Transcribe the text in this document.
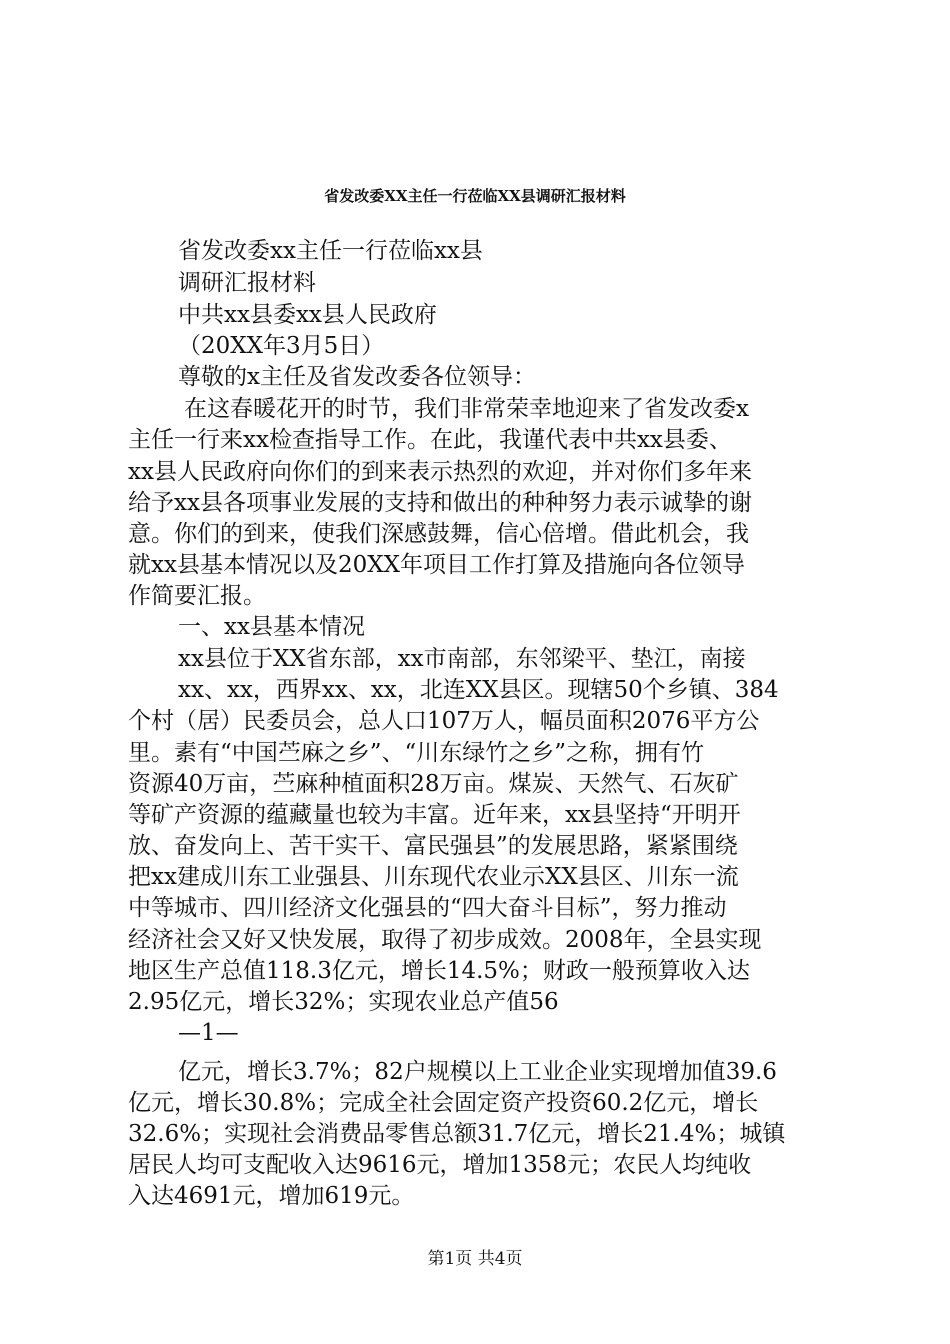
省发改委XX主任一行莅临XX县调研汇报材料
省发改委xx主任一行莅临xx县
调研汇报材料
中共xx县委xx县人民政府
（20XX年3月5日）
尊敬的x主任及省发改委各位领导：
在这春暖花开的时节，我们非常荣幸地迎来了省发改委x
主任一行来xx检查指导工作。在此，我谨代表中共xx县委、
xx县人民政府向你们的到来表示热烈的欢迎，并对你们多年来
给予xx县各项事业发展的支持和做出的种种努力表示诚挚的谢
意。你们的到来，使我们深感鼓舞，信心倍增。借此机会，我
就xx县基本情况以及20XX年项目工作打算及措施向各位领导
作简要汇报。
一、xx县基本情况
xx县位于XX省东部，xx市南部，东邻梁平、垫江，南接
xx、xx，西界xx、xx，北连XX县区。现辖50个乡镇、384
个村（居）民委员会，总人口107万人，幅员面积2076平方公
里。素有“中国苎麻之乡”、“川东绿竹之乡”之称，拥有竹
资源40万亩，苎麻种植面积28万亩。煤炭、天然气、石灰矿
等矿产资源的蕴藏量也较为丰富。近年来，xx县坚持“开明开
放、奋发向上、苦干实干、富民强县”的发展思路，紧紧围绕
把xx建成川东工业强县、川东现代农业示XX县区、川东一流
中等城市、四川经济文化强县的“四大奋斗目标”，努力推动
经济社会又好又快发展，取得了初步成效。2008年，全县实现
地区生产总值118.3亿元，增长14.5%；财政一般预算收入达
2.95亿元，增长32%；实现农业总产值56
—1—
亿元，增长3.7%；82户规模以上工业企业实现增加值39.6
亿元，增长30.8%；完成全社会固定资产投资60.2亿元，增长
32.6%；实现社会消费品零售总额31.7亿元，增长21.4%；城镇
居民人均可支配收入达9616元，增加1358元；农民人均纯收
入达4691元，增加619元。
第1页 共4页
